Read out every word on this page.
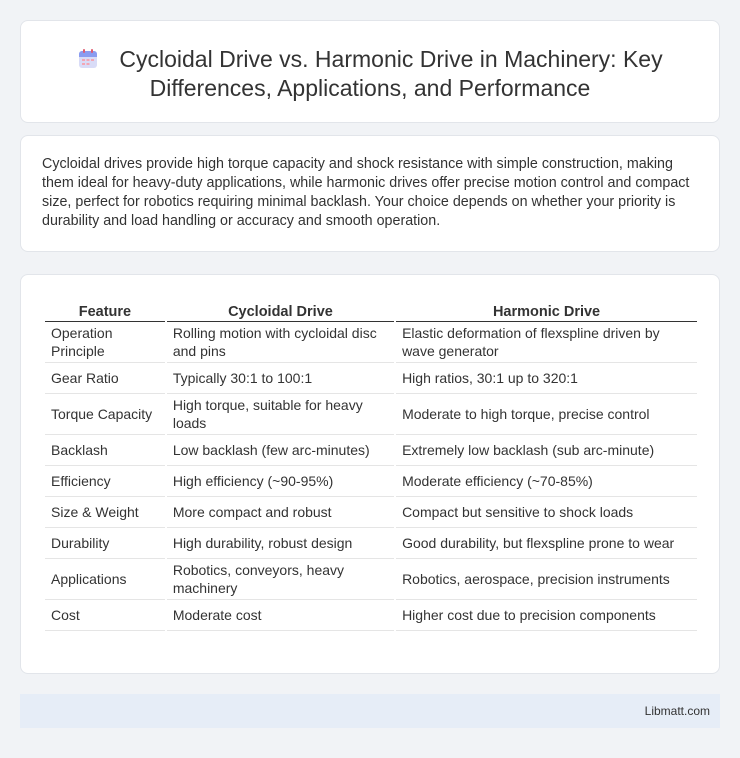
Cycloidal Drive vs. Harmonic Drive in Machinery: Key Differences, Applications, and Performance

Cycloidal drives provide high torque capacity and shock resistance with simple construction, making them ideal for heavy-duty applications, while harmonic drives offer precise motion control and compact size, perfect for robotics requiring minimal backlash. Your choice depends on whether your priority is durability and load handling or accuracy and smooth operation.

Feature	Cycloidal Drive	Harmonic Drive
Operation Principle	Rolling motion with cycloidal disc and pins	Elastic deformation of flexspline driven by wave generator
Gear Ratio	Typically 30:1 to 100:1	High ratios, 30:1 up to 320:1
Torque Capacity	High torque, suitable for heavy loads	Moderate to high torque, precise control
Backlash	Low backlash (few arc-minutes)	Extremely low backlash (sub arc-minute)
Efficiency	High efficiency (~90-95%)	Moderate efficiency (~70-85%)
Size & Weight	More compact and robust	Compact but sensitive to shock loads
Durability	High durability, robust design	Good durability, but flexspline prone to wear
Applications	Robotics, conveyors, heavy machinery	Robotics, aerospace, precision instruments
Cost	Moderate cost	Higher cost due to precision components
Libmatt.com
